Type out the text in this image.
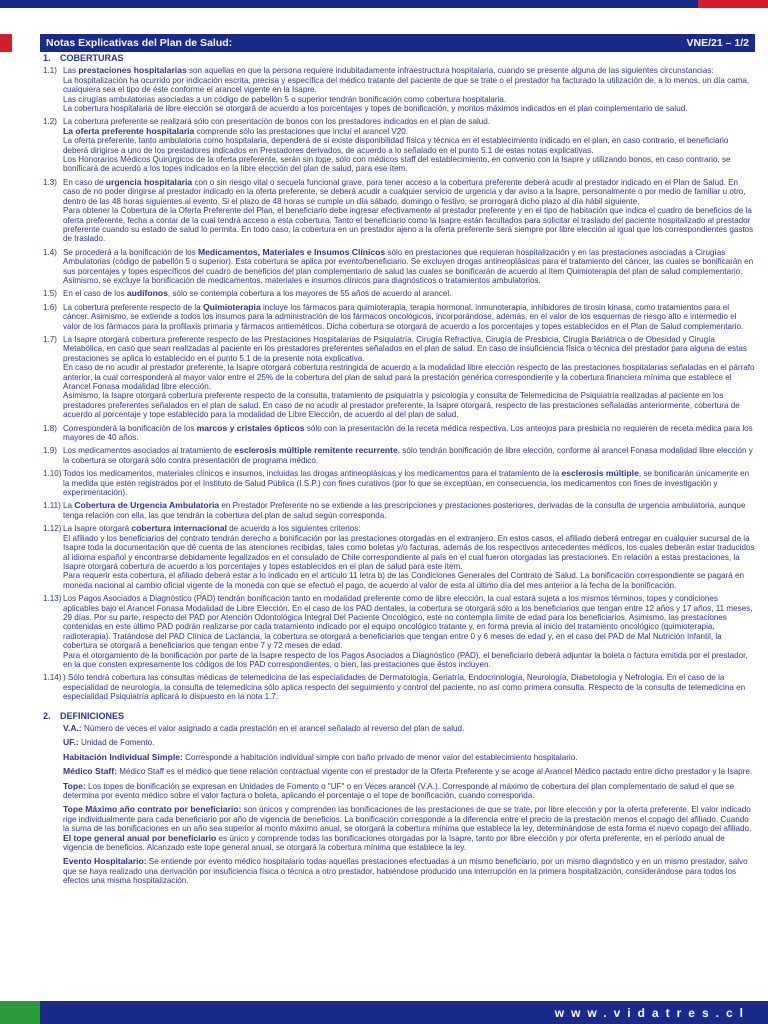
Notas Explicativas del Plan de Salud:	VNE/21 – 1/2
1.	COBERTURAS
1.1) Las prestaciones hospitalarias son aquellas en que la persona requiere indubitadamente infraestructura hospitalaria, cuando se presente alguna de las siguientes circunstancias:

La hospitalización ha ocurrido por indicación escrita, precisa y específica del médico tratante del paciente de que se trate o el prestador ha facturado la utilización de, a lo menos, un día cama, cualquiera sea el tipo de éste conforme el arancel vigente en la Isapre.

Las cirugías ambulatorias asociadas a un código de pabellón 5 o superior tendrán bonificación como cobertura hospitalaria.

La cobertura hospitalaria de libre elección se otorgará de acuerdo a los porcentajes y topes de bonificación, y montos máximos indicados en el plan complementario de salud.

1.2) La cobertura preferente se realizará sólo con presentación de bonos con los prestadores indicados en el plan de salud.

La oferta preferente hospitalaria comprende sólo las prestaciones que incluí el arancel V20.

La oferta preferente, tanto ambulatoria como hospitalaria, dependerá de si existe disponibilidad física y técnica en el establecimiento indicado en el plan, en caso contrario, el beneficiario deberá dirigirse a uno de los prestadores indicados en Prestadores derivados, de acuerdo a lo señalado en el punto 5.1 de estas notas explicativas.

Los Honorarios Médicos Quirúrgicos de la oferta preferente, serán sin tope, sólo con médicos staff del establecimiento, en convenio con la Isapre y utilizando bonos, en caso contrario, se bonificará de acuerdo a los topes indicados en la libre elección del plan de salud, para ese ítem.

1.3) En caso de urgencia hospitalaria con o sin riesgo vital o secuela funcional grave, para tener acceso a la cobertura preferente deberá acudir al prestador indicado en el Plan de Salud. En caso de no poder dirigirse al prestador indicado en la oferta preferente, se deberá acudir a cualquier servicio de urgencia y dar aviso a la Isapre, personalmente o por medio de familiar u otro, dentro de las 48 horas siguientes al evento. Si el plazo de 48 horas se cumple un día sábado, domingo o festivo, se prorrogará dicho plazo al día hábil siguiente.

Para obtener la Cobertura de la Oferta Preferente del Plan, el beneficiario debe ingresar efectivamente al prestador preferente y en el tipo de habitación que indica el cuadro de beneficios de la oferta preferente, fecha a contar de la cual tendrá acceso a esta cobertura. Tanto el beneficiario como la Isapre están facultados para solicitar el traslado del paciente hospitalizado al prestador preferente cuando su estado de salud lo permita. En todo caso, la cobertura en un prestador ajeno a la oferta preferente será siempre por libre elección al igual que los correspondientes gastos de traslado.

1.4) Se procederá a la bonificación de los Medicamentos, Materiales e Insumos Clínicos sólo en prestaciones que requieran hospitalización y en las prestaciones asociadas a Cirugías Ambulatorias (código de pabellón 5 o superior). Esta cobertura se aplica por evento/beneficiario. Se excluyen drogas antineoplásicas para el tratamiento del cáncer, las cuales se bonificarán en sus porcentajes y topes específicos del cuadro de beneficios del plan complementario de salud las cuales se bonificarán de acuerdo al ítem Quimioterapia del plan de salud complementario. Asimismo, se excluye la bonificación de medicamentos, materiales e insumos clínicos para diagnósticos o tratamientos ambulatorios.

1.5) En el caso de los audífonos, sólo se contempla cobertura a los mayores de 55 años de acuerdo al arancel.

1.6) La cobertura preferente respecto de la Quimioterapia incluye los fármacos para quimioterapia, terapia hormonal, inmunoterapia, inhibidores de tirosin kinasa, como tratamientos para el cáncer. Asimismo, se extiende a todos los insumos para la administración de los fármacos oncológicos, incorporándose, además, en el valor de los esquemas de riesgo alto e intermedio el valor de los fármacos para la profilaxis primaria y fármacos antieméticos. Dicha cobertura se otorgará de acuerdo a los porcentajes y topes establecidos en el Plan de Salud complementario.

1.7) La Isapre otorgará cobertura preferente respecto de las Prestaciones Hospitalarias de Psiquiatría, Cirugía Refractiva, Cirugía de Presbicia, Cirugía Bariátrica o de Obesidad y Cirugía Metabólica, en caso que sean realizadas al paciente en los prestadores preferentes señalados en el plan de salud. En caso de insuficiencia física o técnica del prestador para alguna de estas prestaciones se aplica lo establecido en el punto 5.1 de la presente nota explicativa.

En caso de no acudir al prestador preferente, la Isapre otorgará cobertura restringida de acuerdo a la modalidad libre elección respecto de las prestaciones hospitalarias señaladas en el párrafo anterior, la cual corresponderá al mayor valor entre el 25% de la cobertura del plan de salud para la prestación genérica correspondiente y la cobertura financiera mínima que establece el Arancel Fonasa modalidad libre elección.

Asimismo, la Isapre otorgará cobertura preferente respecto de la consulta, tratamiento de psiquiatría y psicología y consulta de Telemedicina de Psiquiatría realizadas al paciente en los prestadores preferentes señalados en el plan de salud. En caso de no acudir al prestador preferente, la Isapre otorgará, respecto de las prestaciones señaladas anteriormente, cobertura de acuerdo al porcentaje y tope establecido para la modalidad de Libre Elección, de acuerdo al del plan de salud.

1.8) Corresponderá la bonificación de los marcos y cristales ópticos sólo con la presentación de la receta médica respectiva. Los anteojos para presbicia no requieren de receta médica para los mayores de 40 años.

1.9) Los medicamentos asociados al tratamiento de esclerosis múltiple remitente recurrente, sólo tendrán bonificación de libre elección, conforme al arancel Fonasa modalidad libre elección y la cobertura se otorgará sólo contra presentación de programa médico.

1.10) Todos los medicamentos, materiales clínicos e insumos, incluidas las drogas antineoplásicas y los medicamentos para el tratamiento de la esclerosis múltiple, se bonificarán únicamente en la medida que estén registrados por el Instituto de Salud Pública (I.S.P.) con fines curativos (por lo que se exceptúan, en consecuencia, los medicamentos con fines de investigación y experimentación).

1.11) La Cobertura de Urgencia Ambulatoria en Prestador Preferente no se extiende a las prescripciones y prestaciones posteriores, derivadas de la consulta de urgencia ambulatoria, aunque tenga relación con ella, las que tendrán la cobertura del plan de salud según corresponda.

1.12) La Isapre otorgará cobertura internacional de acuerdo a los siguientes criterios:

El afiliado y los beneficiarios del contrato tendrán derecho a bonificación por las prestaciones otorgadas en el extranjero. En estos casos, el afiliado deberá entregar en cualquier sucursal de la Isapre toda la documentación que dé cuenta de las atenciones recibidas, tales como boletas y/o facturas, además de los respectivos antecedentes médicos, los cuales deberán estar traducidos al idioma español y encontrarse debidamente legalizados en el consulado de Chile correspondiente al país en el cual fueron otorgadas las prestaciones. En relación a estas prestaciones, la Isapre otorgará cobertura de acuerdo a los porcentajes y topes establecidos en el plan de salud para este ítem.

Para requerir esta cobertura, el afiliado deberá estar a lo indicado en el artículo 11 letra b) de las Condiciones Generales del Contrato de Salud. La bonificación correspondiente se pagará en moneda nacional al cambio oficial vigente de la moneda con que se efectuó el pago, de acuerdo al valor de esta al último día del mes anterior a la fecha de la bonificación.

1.13) Los Pagos Asociados a Diagnóstico (PAD) tendrán bonificación tanto en modalidad preferente como de libre elección, la cual estará sujeta a los mismos términos, topes y condiciones aplicables bajo el Arancel Fonasa Modalidad de Libre Elección. En el caso de los PAD dentales, la cobertura se otorgará sólo a los beneficiarios que tengan entre 12 años y 17 años, 11 meses, 29 días. Por su parte, respecto del PAD por Atención Odontológica Integral Del Paciente Oncológico, este no contempla límite de edad para los beneficiarios. Asimismo, las prestaciones contenidas en este último PAD podrán realizarse por cada tratamiento indicado por el equipo oncológico tratante y, en forma previa al inicio del tratamiento oncológico (quimioterapia, radioterapia). Tratándose del PAD Clínica de Lactancia, la cobertura se otorgará a beneficiarios que tengan entre 0 y 6 meses de edad y, en el caso del PAD de Mal Nutrición Infantil, la cobertura se otorgará a beneficiarios que tengan entre 7 y 72 meses de edad.

Para el otorgamiento de la bonificación por parte de la Isapre respecto de los Pagos Asociados a Diagnóstico (PAD), el beneficiario deberá adjuntar la boleta o factura emitida por el prestador, en la que consten expresamente los códigos de los PAD correspondientes, o bien, las prestaciones que éstos incluyen.

1.14) ) Sólo tendrá cobertura las consultas médicas de telemedicina de las especialidades de Dermatología, Geriatría, Endocrinología, Neurología, Diabetología y Nefrología. En el caso de la especialidad de neurología, la consulta de telemedicina sólo aplica respecto del seguimiento y control del paciente, no así como primera consulta. Respecto de la consulta de telemedicina en especialidad Psiquiatría aplicará lo dispuesto en la nota 1.7.

2.	DEFINICIONES

V.A.: Número de veces el valor asignado a cada prestación en el arancel señalado al reverso del plan de salud.

UF.: Unidad de Fomento.

Habitación Individual Simple: Corresponde a habitación individual simple con baño privado de menor valor del establecimiento hospitalario.

Médico Staff: Médico Staff es el médico que tiene relación contractual vigente con el prestador de la Oferta Preferente y se acoge al Arancel Médico pactado entre dicho prestador y la Isapre.

Tope: Los topes de bonificación se expresan en Unidades de Fomento o "UF" o en Veces arancel (V.A.). Corresponde al máximo de cobertura del plan complementario de salud el que se determina por evento médico sobre el valor factura o boleta, aplicando el porcentaje o el tope de bonificación, cuando corresponda.

Tope Máximo año contrato por beneficiario: son únicos y comprenden las bonificaciones de las prestaciones de que se trate, por libre elección y por la oferta preferente. El valor indicado rige individualmente para cada beneficiario por año de vigencia de beneficios. La bonificación corresponde a la diferencia entre el precio de la prestación menos el copago del afiliado. Cuando la suma de las bonificaciones en un año sea superior al monto máximo anual, se otorgará la cobertura mínima que establece la ley, determinándose de esta forma el nuevo copago del afiliado.

El tope general anual por beneficiario es único y comprende todas las bonificaciones otorgadas por la Isapre, tanto por libre elección y por oferta preferente, en el período anual de vigencia de beneficios. Alcanzado este tope general anual, se otorgará la cobertura mínima que establece la ley.

Evento Hospitalario: Se entiende por evento médico hospitalario todas aquellas prestaciones efectuadas a un mismo beneficiario, por un mismo diagnóstico y en un mismo prestador, salvo que se haya realizado una derivación por insuficiencia física o técnica a otro prestador, habiéndose producido una interrupción en la primera hospitalización, considerándose para todos los efectos una misma hospitalización.

www.vidatres.cl
